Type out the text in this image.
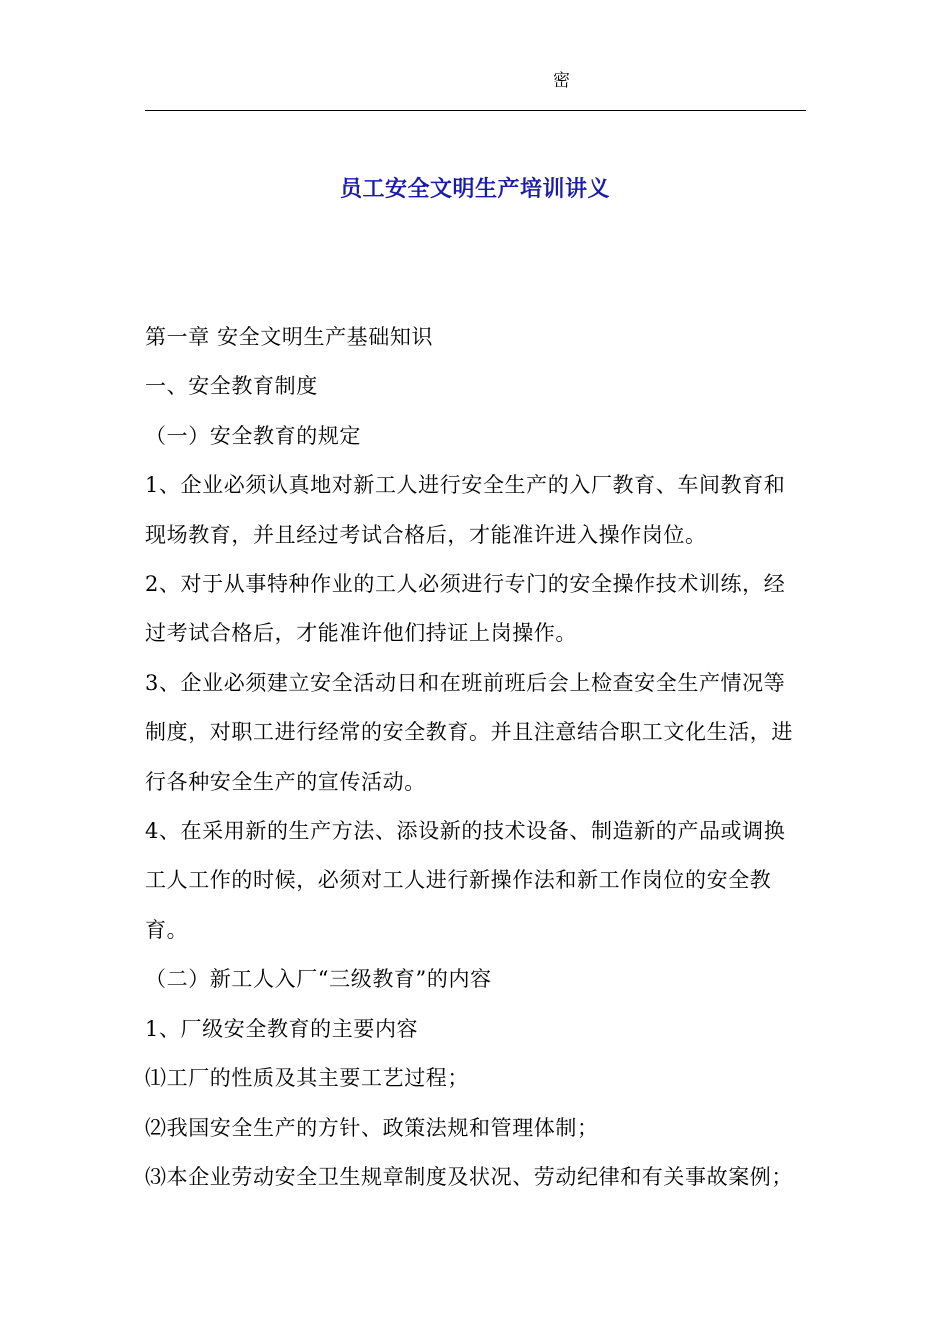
密
员工安全文明生产培训讲义

第一章 安全文明生产基础知识

一、安全教育制度

（一）安全教育的规定

1、企业必须认真地对新工人进行安全生产的入厂教育、车间教育和

现场教育，并且经过考试合格后，才能准许进入操作岗位。

2、对于从事特种作业的工人必须进行专门的安全操作技术训练，经

过考试合格后，才能准许他们持证上岗操作。

3、企业必须建立安全活动日和在班前班后会上检查安全生产情况等

制度，对职工进行经常的安全教育。并且注意结合职工文化生活，进

行各种安全生产的宣传活动。

4、在采用新的生产方法、添设新的技术设备、制造新的产品或调换

工人工作的时候，必须对工人进行新操作法和新工作岗位的安全教

育。

（二）新工人入厂“三级教育”的内容

1、厂级安全教育的主要内容

⑴工厂的性质及其主要工艺过程；

⑵我国安全生产的方针、政策法规和管理体制；

⑶本企业劳动安全卫生规章制度及状况、劳动纪律和有关事故案例；
